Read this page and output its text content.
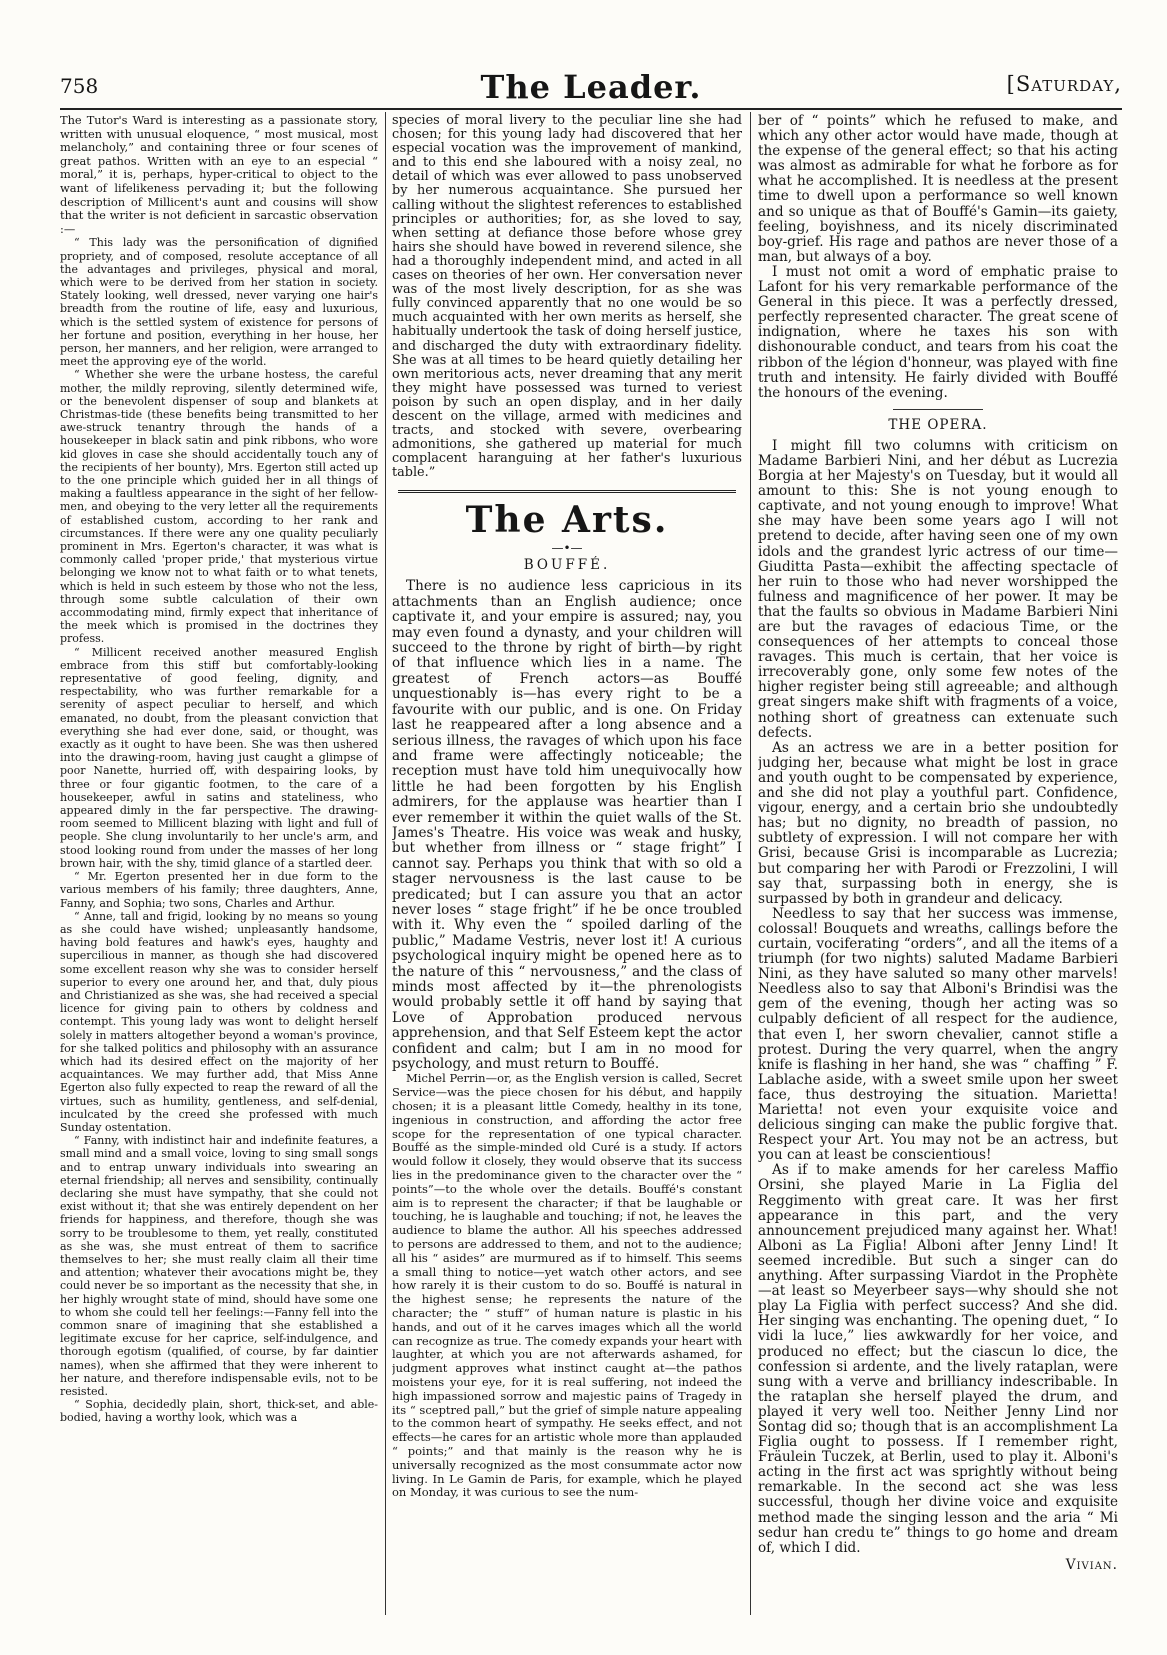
758	The Leader.	[Saturday,

The Tutor's Ward is interesting as a passionate story, written with unusual eloquence, “ most musical, most melancholy,” and containing three or four scenes of great pathos. Written with an eye to an especial “ moral,” it is, perhaps, hyper-critical to object to the want of lifelikeness pervading it; but the following description of Millicent's aunt and cousins will show that the writer is not deficient in sarcastic observation :—

“ This lady was the personification of dignified propriety, and of composed, resolute acceptance of all the advantages and privileges, physical and moral, which were to be derived from her station in society. Stately looking, well dressed, never varying one hair's breadth from the routine of life, easy and luxurious, which is the settled system of existence for persons of her fortune and position, everything in her house, her person, her manners, and her religion, were arranged to meet the approving eye of the world.

“ Whether she were the urbane hostess, the careful mother, the mildly reproving, silently determined wife, or the benevolent dispenser of soup and blankets at Christmas-tide (these benefits being transmitted to her awe-struck tenantry through the hands of a housekeeper in black satin and pink ribbons, who wore kid gloves in case she should accidentally touch any of the recipients of her bounty), Mrs. Egerton still acted up to the one principle which guided her in all things of making a faultless appearance in the sight of her fellow-men, and obeying to the very letter all the requirements of established custom, according to her rank and circumstances. If there were any one quality peculiarly prominent in Mrs. Egerton's character, it was what is commonly called 'proper pride,' that mysterious virtue belonging we know not to what faith or to what tenets, which is held in such esteem by those who not the less, through some subtle calculation of their own accommodating mind, firmly expect that inheritance of the meek which is promised in the doctrines they profess.

“ Millicent received another measured English embrace from this stiff but comfortably-looking representative of good feeling, dignity, and respectability, who was further remarkable for a serenity of aspect peculiar to herself, and which emanated, no doubt, from the pleasant conviction that everything she had ever done, said, or thought, was exactly as it ought to have been. She was then ushered into the drawing-room, having just caught a glimpse of poor Nanette, hurried off, with despairing looks, by three or four gigantic footmen, to the care of a housekeeper, awful in satins and stateliness, who appeared dimly in the far perspective. The drawing-room seemed to Millicent blazing with light and full of people. She clung involuntarily to her uncle's arm, and stood looking round from under the masses of her long brown hair, with the shy, timid glance of a startled deer.

“ Mr. Egerton presented her in due form to the various members of his family; three daughters, Anne, Fanny, and Sophia; two sons, Charles and Arthur.

“ Anne, tall and frigid, looking by no means so young as she could have wished; unpleasantly handsome, having bold features and hawk's eyes, haughty and supercilious in manner, as though she had discovered some excellent reason why she was to consider herself superior to every one around her, and that, duly pious and Christianized as she was, she had received a special licence for giving pain to others by coldness and contempt. This young lady was wont to delight herself solely in matters altogether beyond a woman's province, for she talked politics and philosophy with an assurance which had its desired effect on the majority of her acquaintances. We may further add, that Miss Anne Egerton also fully expected to reap the reward of all the virtues, such as humility, gentleness, and self-denial, inculcated by the creed she professed with much Sunday ostentation.

“ Fanny, with indistinct hair and indefinite features, a small mind and a small voice, loving to sing small songs and to entrap unwary individuals into swearing an eternal friendship; all nerves and sensibility, continually declaring she must have sympathy, that she could not exist without it; that she was entirely dependent on her friends for happiness, and therefore, though she was sorry to be troublesome to them, yet really, constituted as she was, she must entreat of them to sacrifice themselves to her; she must really claim all their time and attention; whatever their avocations might be, they could never be so important as the necessity that she, in her highly wrought state of mind, should have some one to whom she could tell her feelings:—Fanny fell into the common snare of imagining that she established a legitimate excuse for her caprice, self-indulgence, and thorough egotism (qualified, of course, by far daintier names), when she affirmed that they were inherent to her nature, and therefore indispensable evils, not to be resisted.

“ Sophia, decidedly plain, short, thick-set, and able-bodied, having a worthy look, which was a

species of moral livery to the peculiar line she had chosen; for this young lady had discovered that her especial vocation was the improvement of mankind, and to this end she laboured with a noisy zeal, no detail of which was ever allowed to pass unobserved by her numerous acquaintance. She pursued her calling without the slightest references to established principles or authorities; for, as she loved to say, when setting at defiance those before whose grey hairs she should have bowed in reverend silence, she had a thoroughly independent mind, and acted in all cases on theories of her own. Her conversation never was of the most lively description, for as she was fully convinced apparently that no one would be so much acquainted with her own merits as herself, she habitually undertook the task of doing herself justice, and discharged the duty with extraordinary fidelity. She was at all times to be heard quietly detailing her own meritorious acts, never dreaming that any merit they might have possessed was turned to veriest poison by such an open display, and in her daily descent on the village, armed with medicines and tracts, and stocked with severe, overbearing admonitions, she gathered up material for much complacent haranguing at her father's luxurious table.”

The Arts.
—•—
BOUFFÉ.

There is no audience less capricious in its attachments than an English audience; once captivate it, and your empire is assured; nay, you may even found a dynasty, and your children will succeed to the throne by right of birth—by right of that influence which lies in a name. The greatest of French actors—as Bouffé unquestionably is—has every right to be a favourite with our public, and is one. On Friday last he reappeared after a long absence and a serious illness, the ravages of which upon his face and frame were affectingly noticeable; the reception must have told him unequivocally how little he had been forgotten by his English admirers, for the applause was heartier than I ever remember it within the quiet walls of the St. James's Theatre. His voice was weak and husky, but whether from illness or “ stage fright” I cannot say. Perhaps you think that with so old a stager nervousness is the last cause to be predicated; but I can assure you that an actor never loses “ stage fright” if he be once troubled with it. Why even the “ spoiled darling of the public,” Madame Vestris, never lost it! A curious psychological inquiry might be opened here as to the nature of this “ nervousness,” and the class of minds most affected by it—the phrenologists would probably settle it off hand by saying that Love of Approbation produced nervous apprehension, and that Self Esteem kept the actor confident and calm; but I am in no mood for psychology, and must return to Bouffé.

Michel Perrin—or, as the English version is called, Secret Service—was the piece chosen for his début, and happily chosen; it is a pleasant little Comedy, healthy in its tone, ingenious in construction, and affording the actor free scope for the representation of one typical character. Bouffé as the simple-minded old Curé is a study. If actors would follow it closely, they would observe that its success lies in the predominance given to the character over the “ points”—to the whole over the details. Bouffé's constant aim is to represent the character; if that be laughable or touching, he is laughable and touching; if not, he leaves the audience to blame the author. All his speeches addressed to persons are addressed to them, and not to the audience; all his “ asides” are murmured as if to himself. This seems a small thing to notice—yet watch other actors, and see how rarely it is their custom to do so. Bouffé is natural in the highest sense; he represents the nature of the character; the “ stuff” of human nature is plastic in his hands, and out of it he carves images which all the world can recognize as true. The comedy expands your heart with laughter, at which you are not afterwards ashamed, for judgment approves what instinct caught at—the pathos moistens your eye, for it is real suffering, not indeed the high impassioned sorrow and majestic pains of Tragedy in its “ sceptred pall,” but the grief of simple nature appealing to the common heart of sympathy. He seeks effect, and not effects—he cares for an artistic whole more than applauded “ points;” and that mainly is the reason why he is universally recognized as the most consummate actor now living. In Le Gamin de Paris, for example, which he played on Monday, it was curious to see the num-

ber of “ points” which he refused to make, and which any other actor would have made, though at the expense of the general effect; so that his acting was almost as admirable for what he forbore as for what he accomplished. It is needless at the present time to dwell upon a performance so well known and so unique as that of Bouffé's Gamin—its gaiety, feeling, boyishness, and its nicely discriminated boy-grief. His rage and pathos are never those of a man, but always of a boy.

I must not omit a word of emphatic praise to Lafont for his very remarkable performance of the General in this piece. It was a perfectly dressed, perfectly represented character. The great scene of indignation, where he taxes his son with dishonourable conduct, and tears from his coat the ribbon of the légion d'honneur, was played with fine truth and intensity. He fairly divided with Bouffé the honours of the evening.

THE OPERA.

I might fill two columns with criticism on Madame Barbieri Nini, and her début as Lucrezia Borgia at her Majesty's on Tuesday, but it would all amount to this: She is not young enough to captivate, and not young enough to improve! What she may have been some years ago I will not pretend to decide, after having seen one of my own idols and the grandest lyric actress of our time—Giuditta Pasta—exhibit the affecting spectacle of her ruin to those who had never worshipped the fulness and magnificence of her power. It may be that the faults so obvious in Madame Barbieri Nini are but the ravages of edacious Time, or the consequences of her attempts to conceal those ravages. This much is certain, that her voice is irrecoverably gone, only some few notes of the higher register being still agreeable; and although great singers make shift with fragments of a voice, nothing short of greatness can extenuate such defects.

As an actress we are in a better position for judging her, because what might be lost in grace and youth ought to be compensated by experience, and she did not play a youthful part. Confidence, vigour, energy, and a certain brio she undoubtedly has; but no dignity, no breadth of passion, no subtlety of expression. I will not compare her with Grisi, because Grisi is incomparable as Lucrezia; but comparing her with Parodi or Frezzolini, I will say that, surpassing both in energy, she is surpassed by both in grandeur and delicacy.

Needless to say that her success was immense, colossal! Bouquets and wreaths, callings before the curtain, vociferating “orders”, and all the items of a triumph (for two nights) saluted Madame Barbieri Nini, as they have saluted so many other marvels! Needless also to say that Alboni's Brindisi was the gem of the evening, though her acting was so culpably deficient of all respect for the audience, that even I, her sworn chevalier, cannot stifle a protest. During the very quarrel, when the angry knife is flashing in her hand, she was “ chaffing ” F. Lablache aside, with a sweet smile upon her sweet face, thus destroying the situation. Marietta! Marietta! not even your exquisite voice and delicious singing can make the public forgive that. Respect your Art. You may not be an actress, but you can at least be conscientious!

As if to make amends for her careless Maffio Orsini, she played Marie in La Figlia del Reggimento with great care. It was her first appearance in this part, and the very announcement prejudiced many against her. What! Alboni as La Figlia! Alboni after Jenny Lind! It seemed incredible. But such a singer can do anything. After surpassing Viardot in the Prophète—at least so Meyerbeer says—why should she not play La Figlia with perfect success? And she did. Her singing was enchanting. The opening duet, “ Io vidi la luce,” lies awkwardly for her voice, and produced no effect; but the ciascun lo dice, the confession si ardente, and the lively rataplan, were sung with a verve and brilliancy indescribable. In the rataplan she herself played the drum, and played it very well too. Neither Jenny Lind nor Sontag did so; though that is an accomplishment La Figlia ought to possess. If I remember right, Fräulein Tuczek, at Berlin, used to play it. Alboni's acting in the first act was sprightly without being remarkable. In the second act she was less successful, though her divine voice and exquisite method made the singing lesson and the aria “ Mi sedur han credu te” things to go home and dream of, which I did.

Vivian.
